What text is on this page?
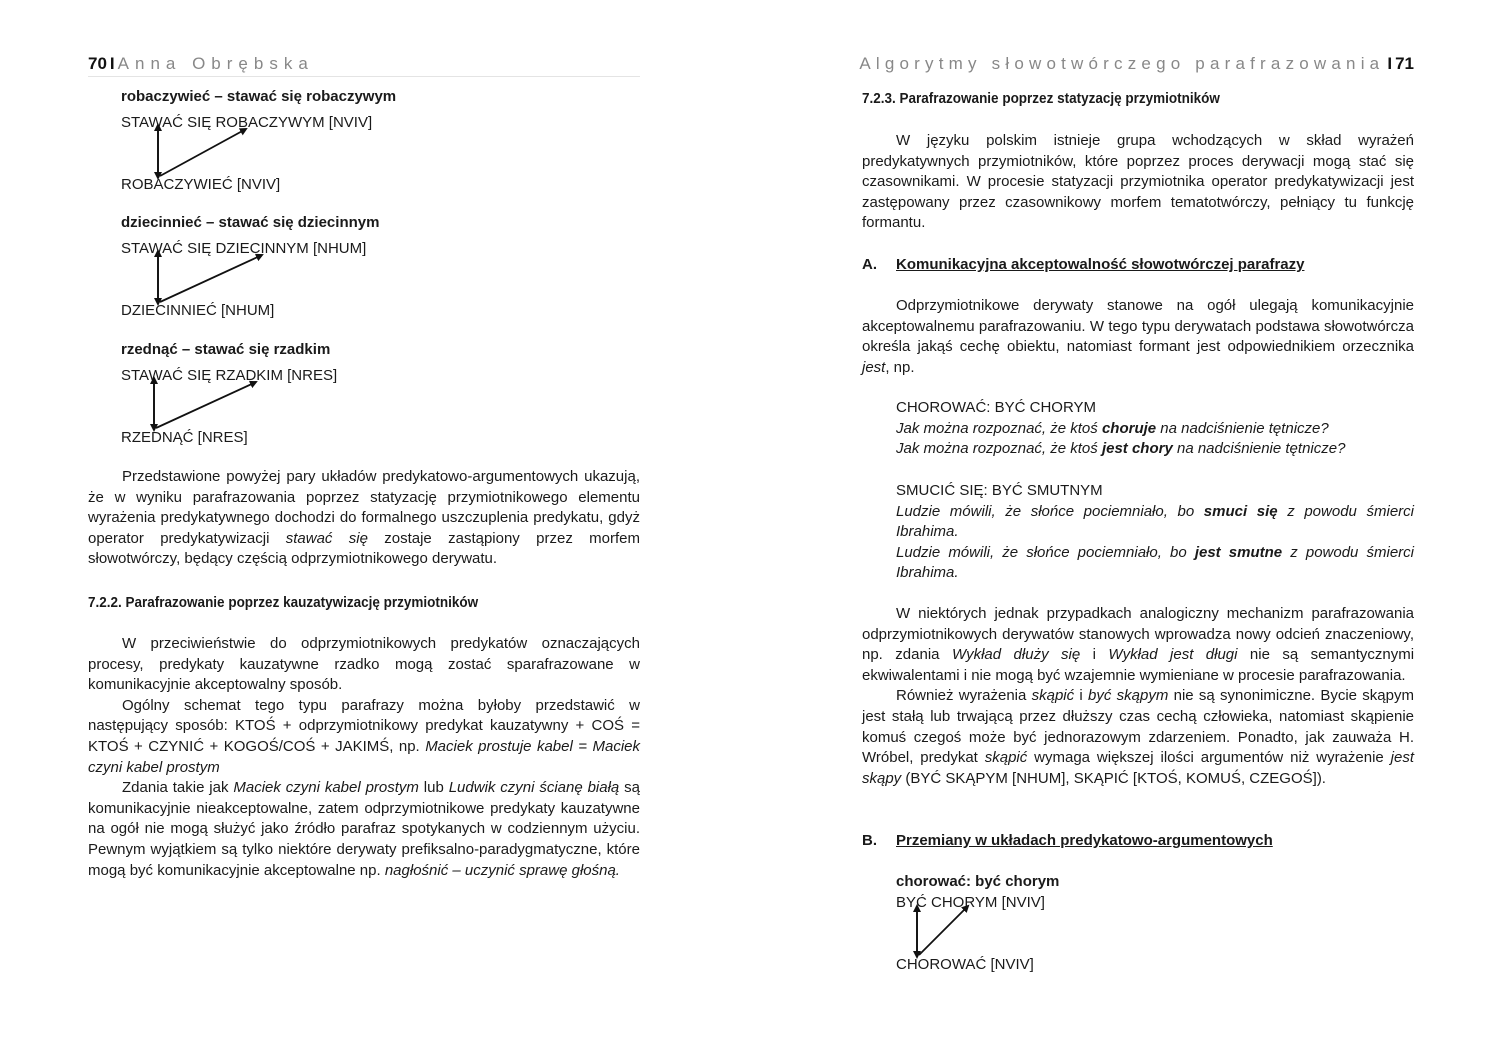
70 I Anna Obrębska
robaczywieć – stawać się robaczywym
STAWAĆ SIĘ ROBACZYWYM [NVIV]
ROBACZYWIEĆ [NVIV]
dziecinnieć – stawać się dziecinnym
STAWAĆ SIĘ DZIECINNYM [NHUM]
DZIECINNIEĆ [NHUM]
rzednąć – stawać się rzadkim
STAWAĆ SIĘ RZADKIM [NRES]
RZEDNĄĆ [NRES]

Przedstawione powyżej pary układów predykatowo-argumentowych ukazują, że w wyniku parafrazowania poprzez statyzację przymiotnikowego elementu wyrażenia predykatywnego dochodzi do formalnego uszczuplenia predykatu, gdyż operator predykatywizacji stawać się zostaje zastąpiony przez morfem słowotwórczy, będący częścią odprzymiotnikowego derywatu.

7.2.2. Parafrazowanie poprzez kauzatywizację przymiotników

W przeciwieństwie do odprzymiotnikowych predykatów oznaczających procesy, predykaty kauzatywne rzadko mogą zostać sparafrazowane w komunikacyjnie akceptowalny sposób.

Ogólny schemat tego typu parafrazy można byłoby przedstawić w następujący sposób: KTOŚ + odprzymiotnikowy predykat kauzatywny + COŚ = KTOŚ + CZYNIĆ + KOGOŚ/COŚ + JAKIMŚ, np. Maciek prostuje kabel = Maciek czyni kabel prostym

Zdania takie jak Maciek czyni kabel prostym lub Ludwik czyni ścianę białą są komunikacyjnie nieakceptowalne, zatem odprzymiotnikowe predykaty kauzatywne na ogół nie mogą służyć jako źródło parafraz spotykanych w codziennym użyciu. Pewnym wyjątkiem są tylko niektóre derywaty prefiksalno-paradygmatyczne, które mogą być komunikacyjnie akceptowalne np. nagłośnić – uczynić sprawę głośną.

Algorytmy słowotwórczego parafrazowania I 71
7.2.3. Parafrazowanie poprzez statyzację przymiotników

W języku polskim istnieje grupa wchodzących w skład wyrażeń predykatywnych przymiotników, które poprzez proces derywacji mogą stać się czasownikami. W procesie statyzacji przymiotnika operator predykatywizacji jest zastępowany przez czasownikowy morfem tematotwórczy, pełniący tu funkcję formantu.

A. Komunikacyjna akceptowalność słowotwórczej parafrazy

Odprzymiotnikowe derywaty stanowe na ogół ulegają komunikacyjnie akceptowalnemu parafrazowaniu. W tego typu derywatach podstawa słowotwórcza określa jakąś cechę obiektu, natomiast formant jest odpowiednikiem orzecznika jest, np.

CHOROWAĆ: BYĆ CHORYM

Jak można rozpoznać, że ktoś choruje na nadciśnienie tętnicze?

Jak można rozpoznać, że ktoś jest chory na nadciśnienie tętnicze?

SMUCIĆ SIĘ: BYĆ SMUTNYM

Ludzie mówili, że słońce pociemniało, bo smuci się z powodu śmierci Ibrahima.

Ludzie mówili, że słońce pociemniało, bo jest smutne z powodu śmierci Ibrahima.

W niektórych jednak przypadkach analogiczny mechanizm parafrazowania odprzymiotnikowych derywatów stanowych wprowadza nowy odcień znaczeniowy, np. zdania Wykład dłuży się i Wykład jest długi nie są semantycznymi ekwiwalentami i nie mogą być wzajemnie wymieniane w procesie parafrazowania.

Również wyrażenia skąpić i być skąpym nie są synonimiczne. Bycie skąpym jest stałą lub trwającą przez dłuższy czas cechą człowieka, natomiast skąpienie komuś czegoś może być jednorazowym zdarzeniem. Ponadto, jak zauważa H. Wróbel, predykat skąpić wymaga większej ilości argumentów niż wyrażenie jest skąpy (BYĆ SKĄPYM [NHUM], SKĄPIĆ [KTOŚ, KOMUŚ, CZEGOŚ]).

B. Przemiany w układach predykatowo-argumentowych
chorować: być chorym
BYĆ CHORYM [NVIV]
CHOROWAĆ [NVIV]
